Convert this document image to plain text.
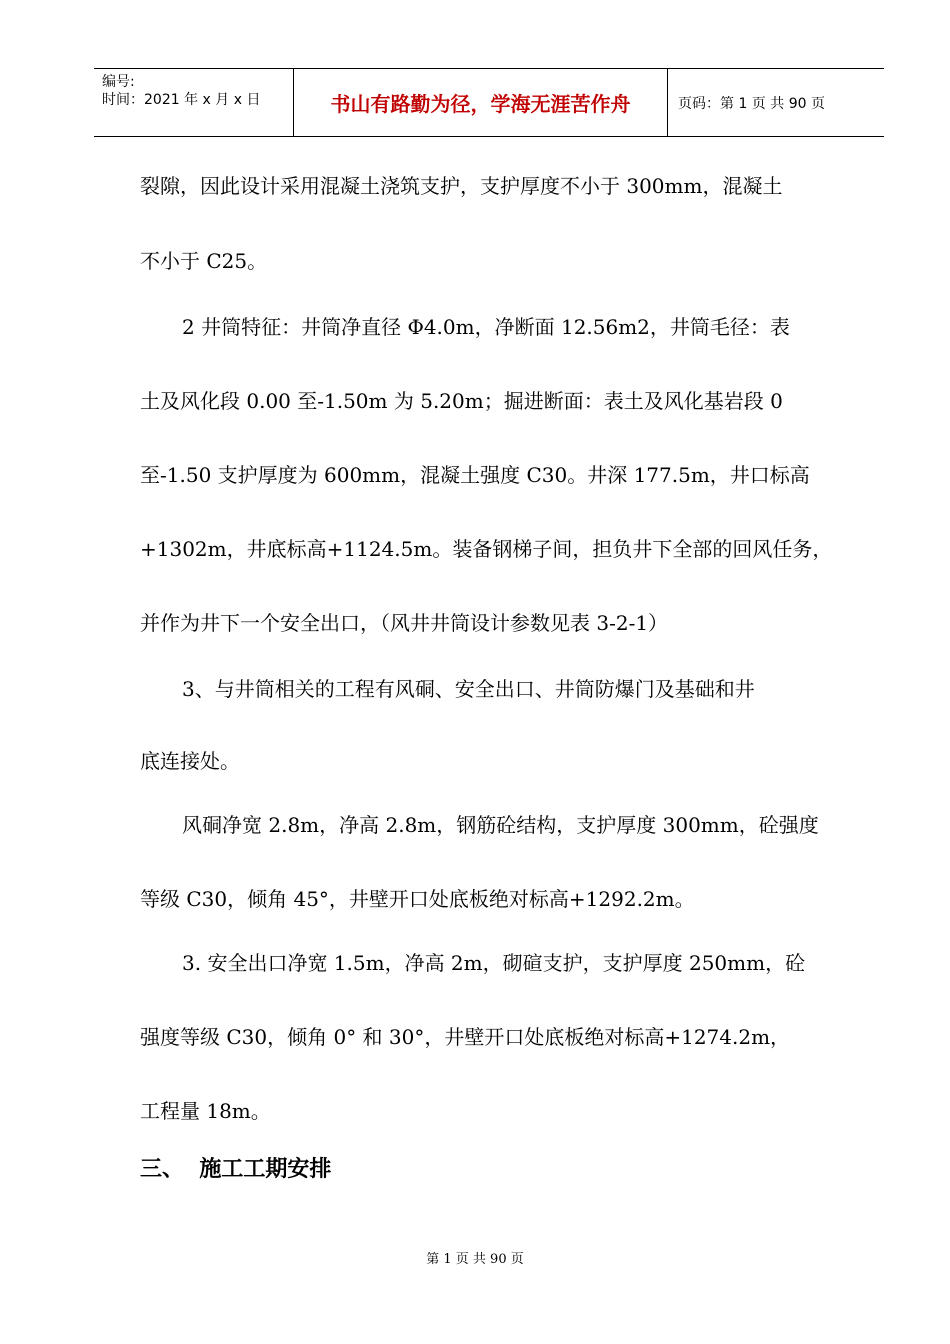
编号:
时间：2021 年 x 月 x 日	书山有路勤为径，学海无涯苦作舟	页码：第 1 页 共 90 页
裂隙，因此设计采用混凝土浇筑支护，支护厚度不小于 300mm，混凝土
不小于 C25。
2 井筒特征：井筒净直径 Φ4.0m，净断面 12.56m2，井筒毛径：表
土及风化段 0.00 至-1.50m 为 5.20m；掘进断面：表土及风化基岩段 0
至-1.50 支护厚度为 600mm，混凝土强度 C30。井深 177.5m，井口标高
+1302m，井底标高+1124.5m。装备钢梯子间，担负井下全部的回风任务，
并作为井下一个安全出口，（风井井筒设计参数见表 3-2-1）
3、与井筒相关的工程有风硐、安全出口、井筒防爆门及基础和井
底连接处。
风硐净宽 2.8m，净高 2.8m，钢筋砼结构，支护厚度 300mm，砼强度
等级 C30，倾角 45°，井壁开口处底板绝对标高+1292.2m。
3. 安全出口净宽 1.5m，净高 2m，砌碹支护，支护厚度 250mm，砼
强度等级 C30，倾角 0° 和 30°，井壁开口处底板绝对标高+1274.2m，
工程量 18m。
三、  施工工期安排
第 1 页 共 90 页
